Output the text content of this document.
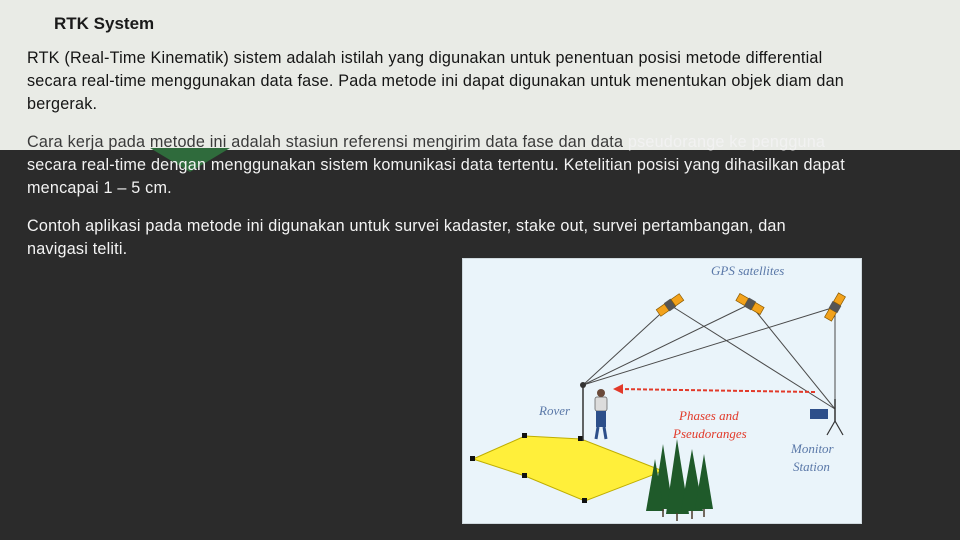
RTK System
RTK (Real-Time Kinematik) sistem adalah istilah yang digunakan untuk penentuan posisi metode differential secara real-time menggunakan data fase. Pada metode ini dapat digunakan untuk menentukan objek diam dan bergerak.
Cara kerja pada metode ini adalah stasiun referensi mengirim data fase dan data pseudorange ke pengguna secara real-time dengan menggunakan sistem komunikasi data tertentu. Ketelitian posisi yang dihasilkan dapat mencapai 1 – 5 cm.
Contoh aplikasi pada metode ini digunakan untuk survei kadaster, stake out, survei pertambangan, dan navigasi teliti.
GPS satellites
Rover	Phases and
Pseudoranges
Monitor
Station
